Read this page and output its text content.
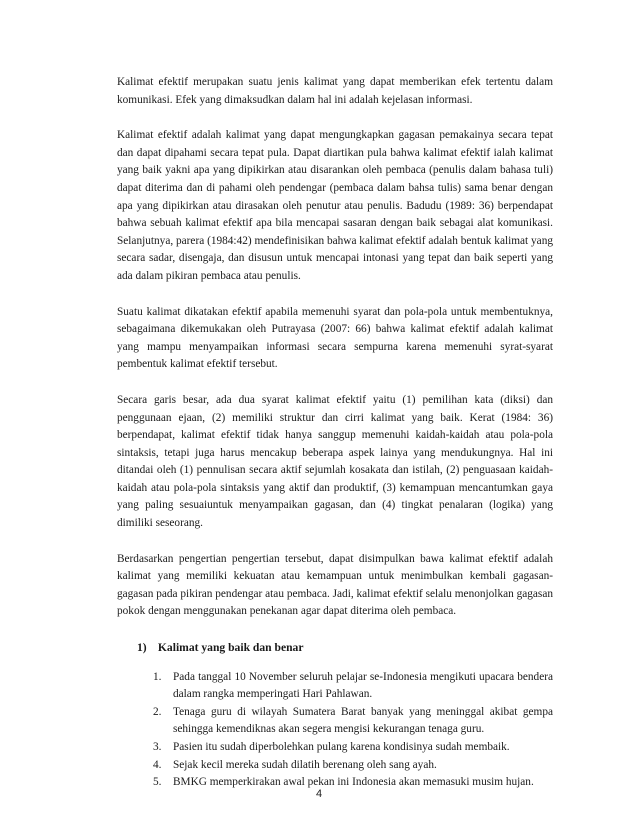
Kalimat efektif merupakan suatu jenis kalimat yang dapat memberikan efek tertentu dalam komunikasi. Efek yang dimaksudkan dalam hal ini adalah kejelasan informasi.

Kalimat efektif adalah kalimat yang dapat mengungkapkan gagasan pemakainya secara tepat dan dapat dipahami secara tepat pula. Dapat diartikan pula bahwa kalimat efektif ialah kalimat yang baik yakni apa yang dipikirkan atau disarankan oleh pembaca (penulis dalam bahasa tuli) dapat diterima dan di pahami oleh pendengar (pembaca dalam bahsa tulis) sama benar dengan apa yang dipikirkan atau dirasakan oleh penutur atau penulis. Badudu (1989: 36) berpendapat bahwa sebuah kalimat efektif apa bila mencapai sasaran dengan baik sebagai alat komunikasi. Selanjutnya, parera (1984:42) mendefinisikan bahwa kalimat efektif adalah bentuk kalimat yang secara sadar, disengaja, dan disusun untuk mencapai intonasi yang tepat dan baik seperti yang ada dalam pikiran pembaca atau penulis.

Suatu kalimat dikatakan efektif apabila memenuhi syarat dan pola-pola untuk membentuknya, sebagaimana dikemukakan oleh Putrayasa (2007: 66) bahwa kalimat efektif adalah kalimat yang mampu menyampaikan informasi secara sempurna karena memenuhi syrat-syarat pembentuk kalimat efektif tersebut.

Secara garis besar, ada dua syarat kalimat efektif yaitu (1) pemilihan kata (diksi) dan penggunaan ejaan, (2) memiliki struktur dan cirri kalimat yang baik. Kerat (1984: 36) berpendapat, kalimat efektif tidak hanya sanggup memenuhi kaidah-kaidah atau pola-pola sintaksis, tetapi juga harus mencakup beberapa aspek lainya yang mendukungnya. Hal ini ditandai oleh (1) pennulisan secara aktif sejumlah kosakata dan istilah, (2) penguasaan kaidah-kaidah atau pola-pola sintaksis yang aktif dan produktif, (3) kemampuan mencantumkan gaya yang paling sesuaiuntuk menyampaikan gagasan, dan (4) tingkat penalaran (logika) yang dimiliki seseorang.

Berdasarkan pengertian pengertian tersebut, dapat disimpulkan bawa kalimat efektif adalah kalimat yang memiliki kekuatan atau kemampuan untuk menimbulkan kembali gagasan-gagasan pada pikiran pendengar atau pembaca. Jadi, kalimat efektif selalu menonjolkan gagasan pokok dengan menggunakan penekanan agar dapat diterima oleh pembaca.

1) Kalimat yang baik dan benar
1. Pada tanggal 10 November seluruh pelajar se-Indonesia mengikuti upacara bendera dalam rangka memperingati Hari Pahlawan.
2. Tenaga guru di wilayah Sumatera Barat banyak yang meninggal akibat gempa sehingga kemendiknas akan segera mengisi kekurangan tenaga guru.
3. Pasien itu sudah diperbolehkan pulang karena kondisinya sudah membaik.
4. Sejak kecil mereka sudah dilatih berenang oleh sang ayah.
5. BMKG memperkirakan awal pekan ini Indonesia akan memasuki musim hujan.
4
